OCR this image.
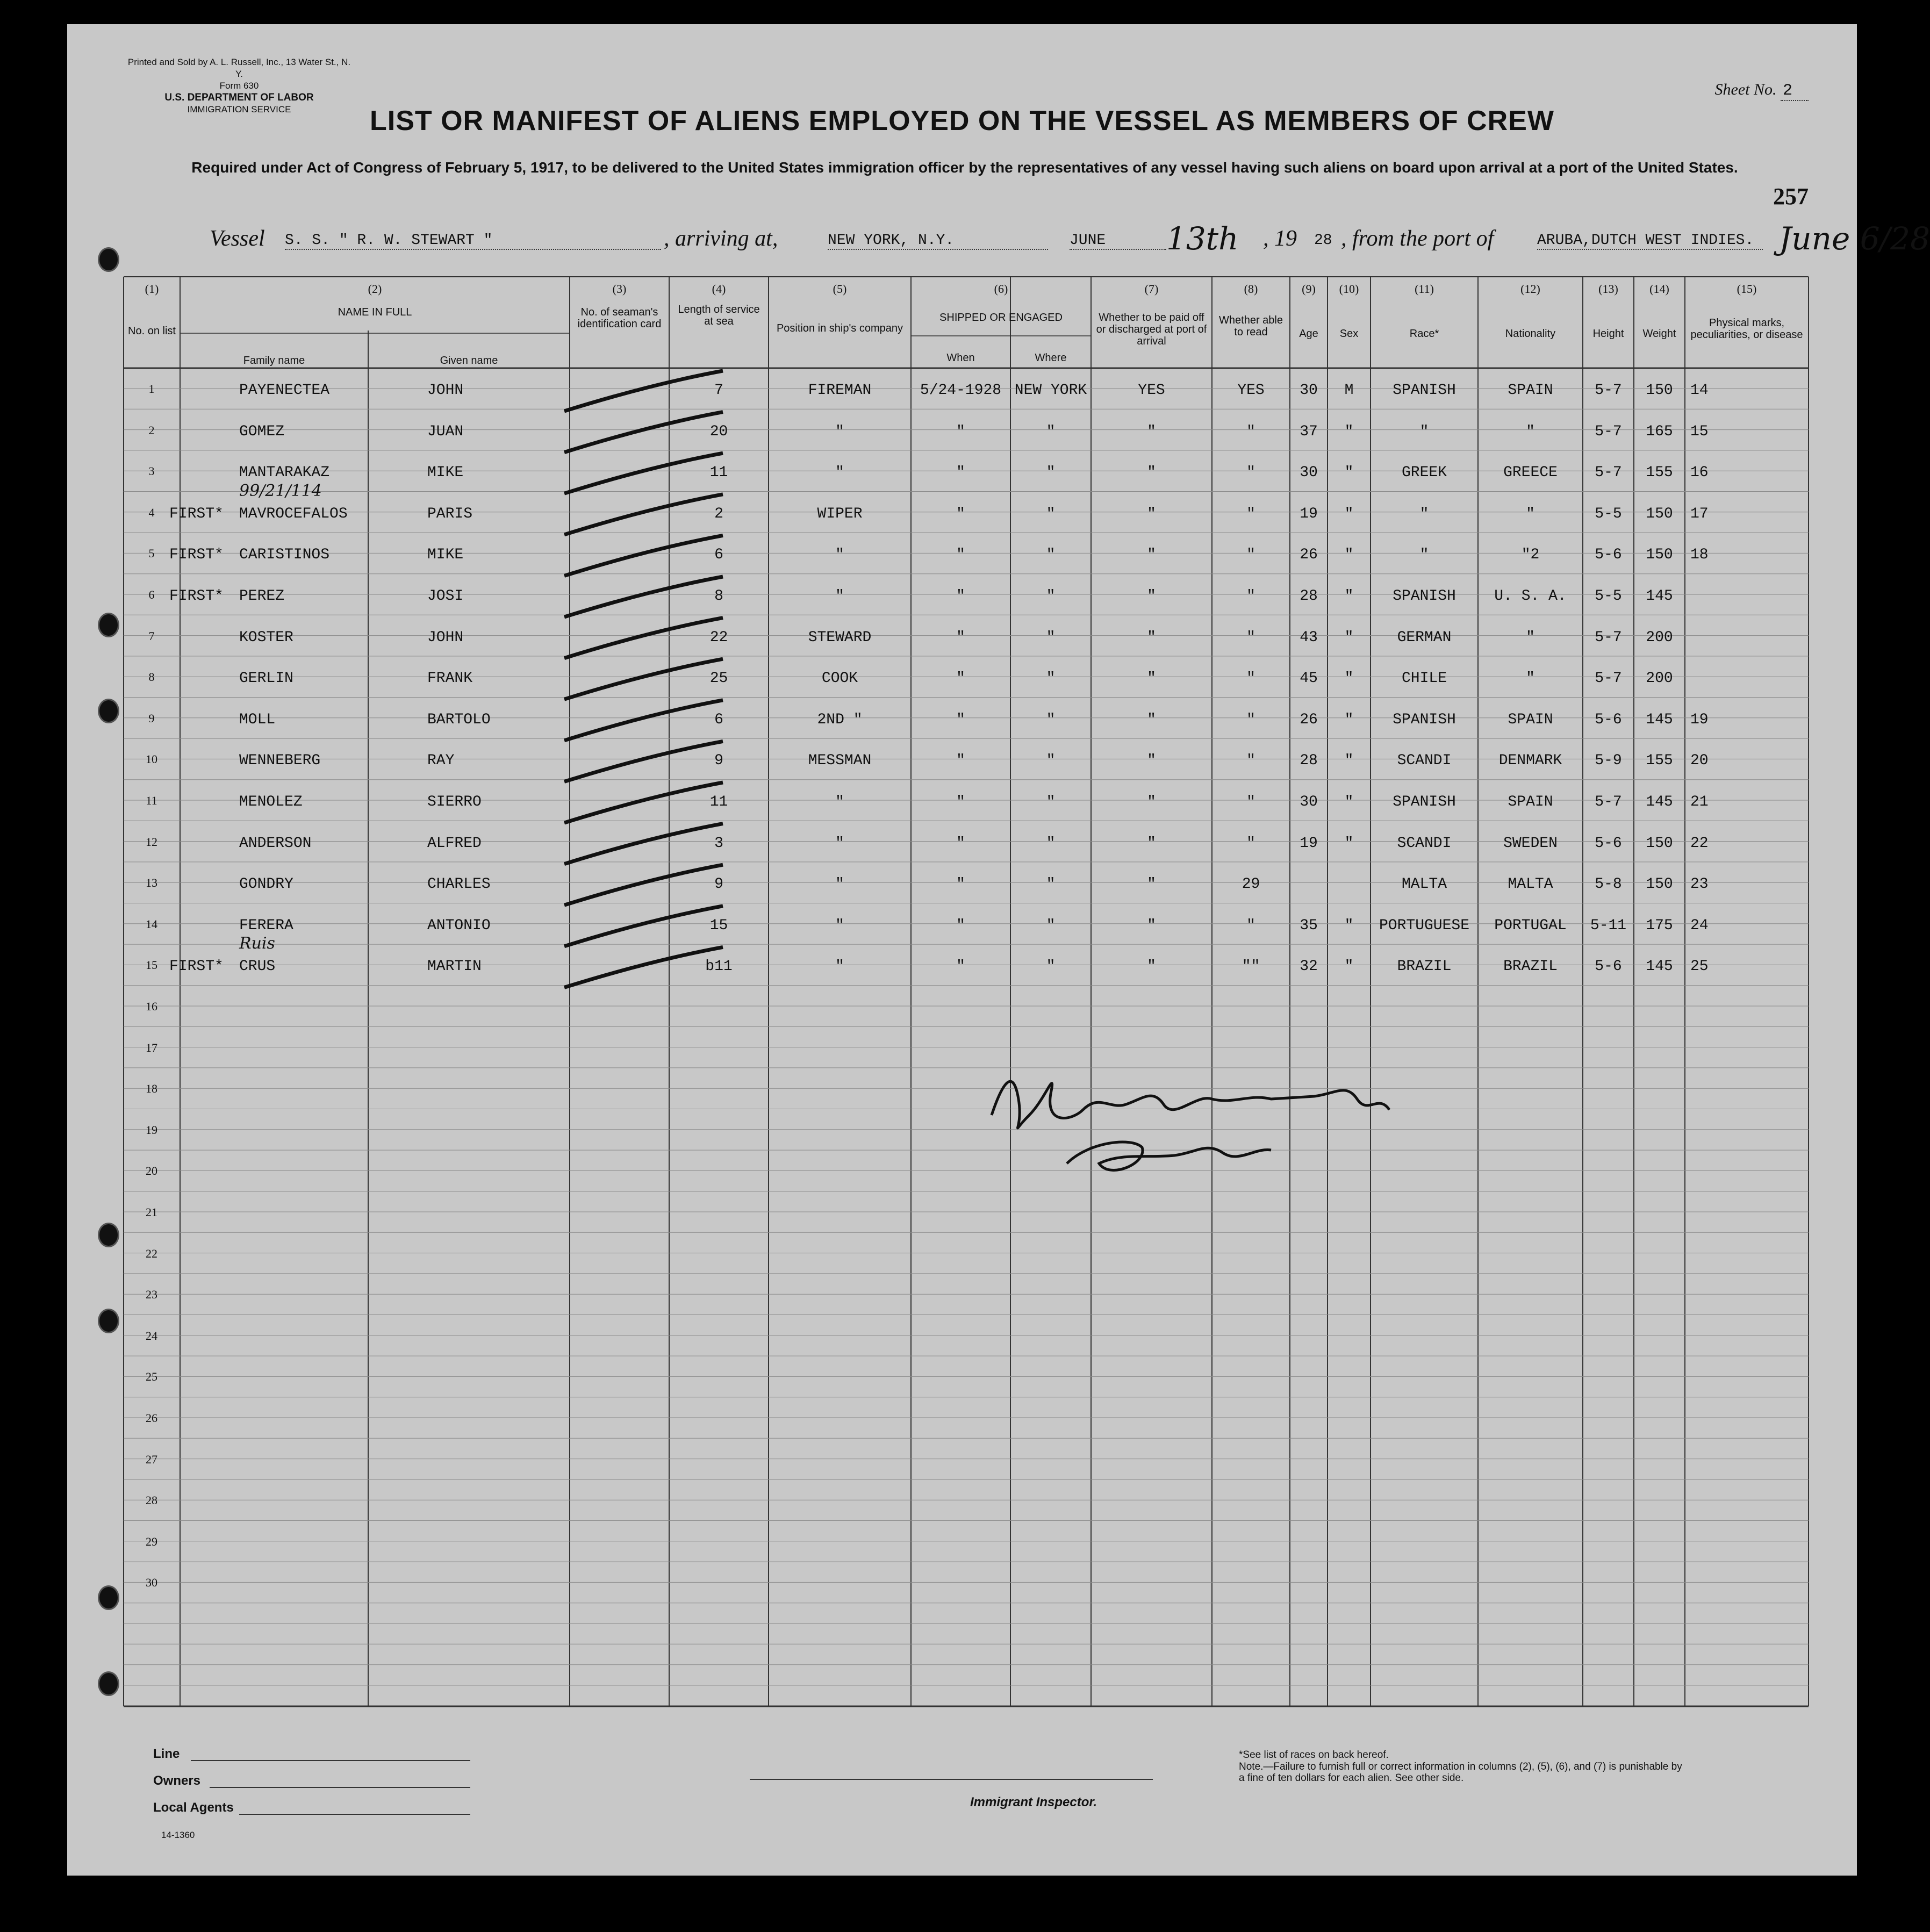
Printed and Sold by A. L. Russell, Inc., 13 Water St., N. Y.
Form 630
U.S. DEPARTMENT OF LABOR
IMMIGRATION SERVICE
Sheet No. 2
LIST OR MANIFEST OF ALIENS EMPLOYED ON THE VESSEL AS MEMBERS OF CREW
Required under Act of Congress of February 5, 1917, to be delivered to the United States immigration officer by the representatives of any vessel having such aliens on board upon arrival at a port of the United States.
257
Vessel S. S. " R. W. STEWART "	, arriving at,	NEW YORK, N.Y.	JUNE	13th , 19 28 , from the port of	ARUBA,DUTCH WEST INDIES. June 6/28
(1)	(2)	(3)	(4)	(5)	(6)	(7)	(8)	(9)	(10)	(11)	(12)	(13)	(14)	(15)
No. on list
NAME IN FULL
Family name	Given name
No. of seaman's identification card
Length of service at sea
Position in ship's company
SHIPPED OR ENGAGED
When	Where
Whether to be paid off or discharged at port of arrival
Whether able to read	Age	Sex	Race*	Nationality	Height	Weight
Physical marks, peculiarities, or disease
1	PAYENECTEA	JOHN	7	FIREMAN	5/24-1928 NEW YORK	YES	YES	30	M	SPANISH	SPAIN	5-7	150	14
2	GOMEZ	JUAN	20	"	"	"	"	"	37	"	"	"	5-7	165	15
3	MANTARAKAZ	MIKE	11	"	"	"	"	"	30	"	GREEK	GREECE	5-7	155	16
4 FIRST* MAVROCEFALOS	PARIS	2	WIPER	"	"	"	"	19	"	"	"	5-5	150	17
99/21/114
5 FIRST* CARISTINOS	MIKE	6	"	"	"	"	"	26	"	"	"2	5-6	150	18
6 FIRST* PEREZ	JOSI	8	"	"	"	"	"	28	"	SPANISH	U. S. A.	5-5	145
7	KOSTER	JOHN	22	STEWARD	"	"	"	"	43	"	GERMAN	"	5-7	200
8	GERLIN	FRANK	25	COOK	"	"	"	"	45	"	CHILE	"	5-7	200
9	MOLL	BARTOLO	6	2ND "	"	"	"	"	26	"	SPANISH	SPAIN	5-6	145	19
10	WENNEBERG	RAY	9	MESSMAN	"	"	"	"	28	"	SCANDI	DENMARK	5-9	155	20
11	MENOLEZ	SIERRO	11	"	"	"	"	"	30	"	SPANISH	SPAIN	5-7	145	21
12	ANDERSON	ALFRED	3	"	"	"	"	"	19	"	SCANDI	SWEDEN	5-6	150	22
13	GONDRY	CHARLES	9	"	"	"	"	29	MALTA	MALTA	5-8	150	23
14	FERERA	ANTONIO	15	"	"	"	"	"	35	"	PORTUGUESE	PORTUGAL	5-11	175	24
15 FIRST* CRUS	MARTIN	b11	"	"	"	"	""	32	"	BRAZIL	BRAZIL	5-6	145	25
Ruis
16
17
18
19
20
21
22
23
24
25
26
27
28
29
30
Line
Owners
Local Agents	Immigrant Inspector.
14-1360
*See list of races on back hereof.
Note.—Failure to furnish full or correct information in columns (2), (5), (6), and (7) is punishable by a fine of ten dollars for each alien. See other side.
